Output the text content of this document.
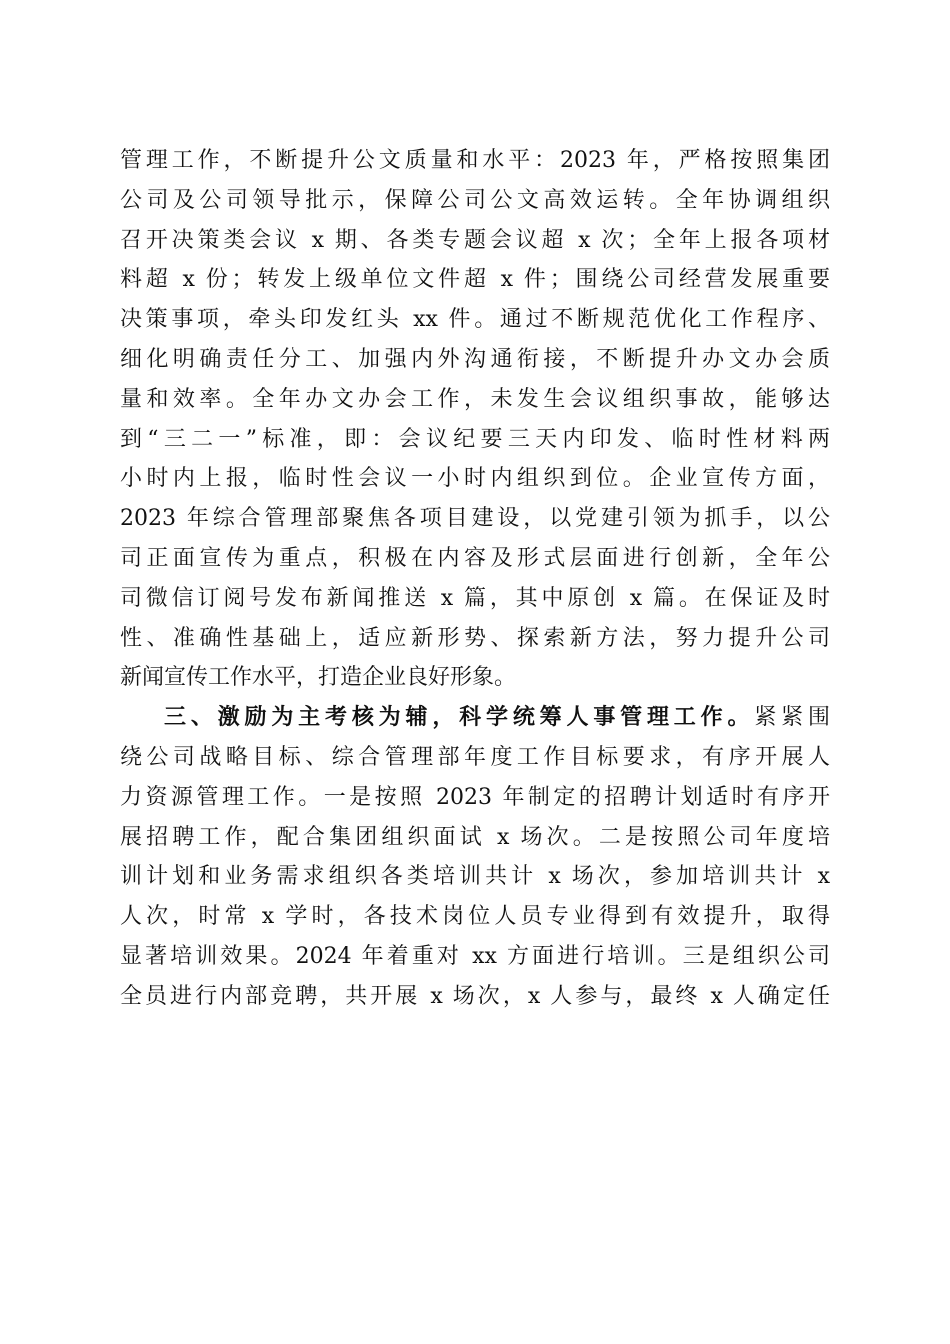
管理工作，不断提升公文质量和水平：2023 年，严格按照集团
公司及公司领导批示，保障公司公文高效运转。全年协调组织
召开决策类会议 x 期、各类专题会议超 x 次；全年上报各项材
料超 x 份；转发上级单位文件超 x 件；围绕公司经营发展重要
决策事项，牵头印发红头 xx 件。通过不断规范优化工作程序、
细化明确责任分工、加强内外沟通衔接，不断提升办文办会质
量和效率。全年办文办会工作，未发生会议组织事故，能够达
到“三二一”标准，即：会议纪要三天内印发、临时性材料两
小时内上报，临时性会议一小时内组织到位。企业宣传方面，
2023 年综合管理部聚焦各项目建设，以党建引领为抓手，以公
司正面宣传为重点，积极在内容及形式层面进行创新，全年公
司微信订阅号发布新闻推送 x 篇，其中原创 x 篇。在保证及时
性、准确性基础上，适应新形势、探索新方法，努力提升公司
新闻宣传工作水平，打造企业良好形象。
三、激励为主考核为辅，科学统筹人事管理工作。紧紧围
绕公司战略目标、综合管理部年度工作目标要求，有序开展人
力资源管理工作。一是按照 2023 年制定的招聘计划适时有序开
展招聘工作，配合集团组织面试 x 场次。二是按照公司年度培
训计划和业务需求组织各类培训共计 x 场次，参加培训共计 x
人次，时常 x 学时，各技术岗位人员专业得到有效提升，取得
显著培训效果。2024 年着重对 xx 方面进行培训。三是组织公司
全员进行内部竞聘，共开展 x 场次，x 人参与，最终 x 人确定任
